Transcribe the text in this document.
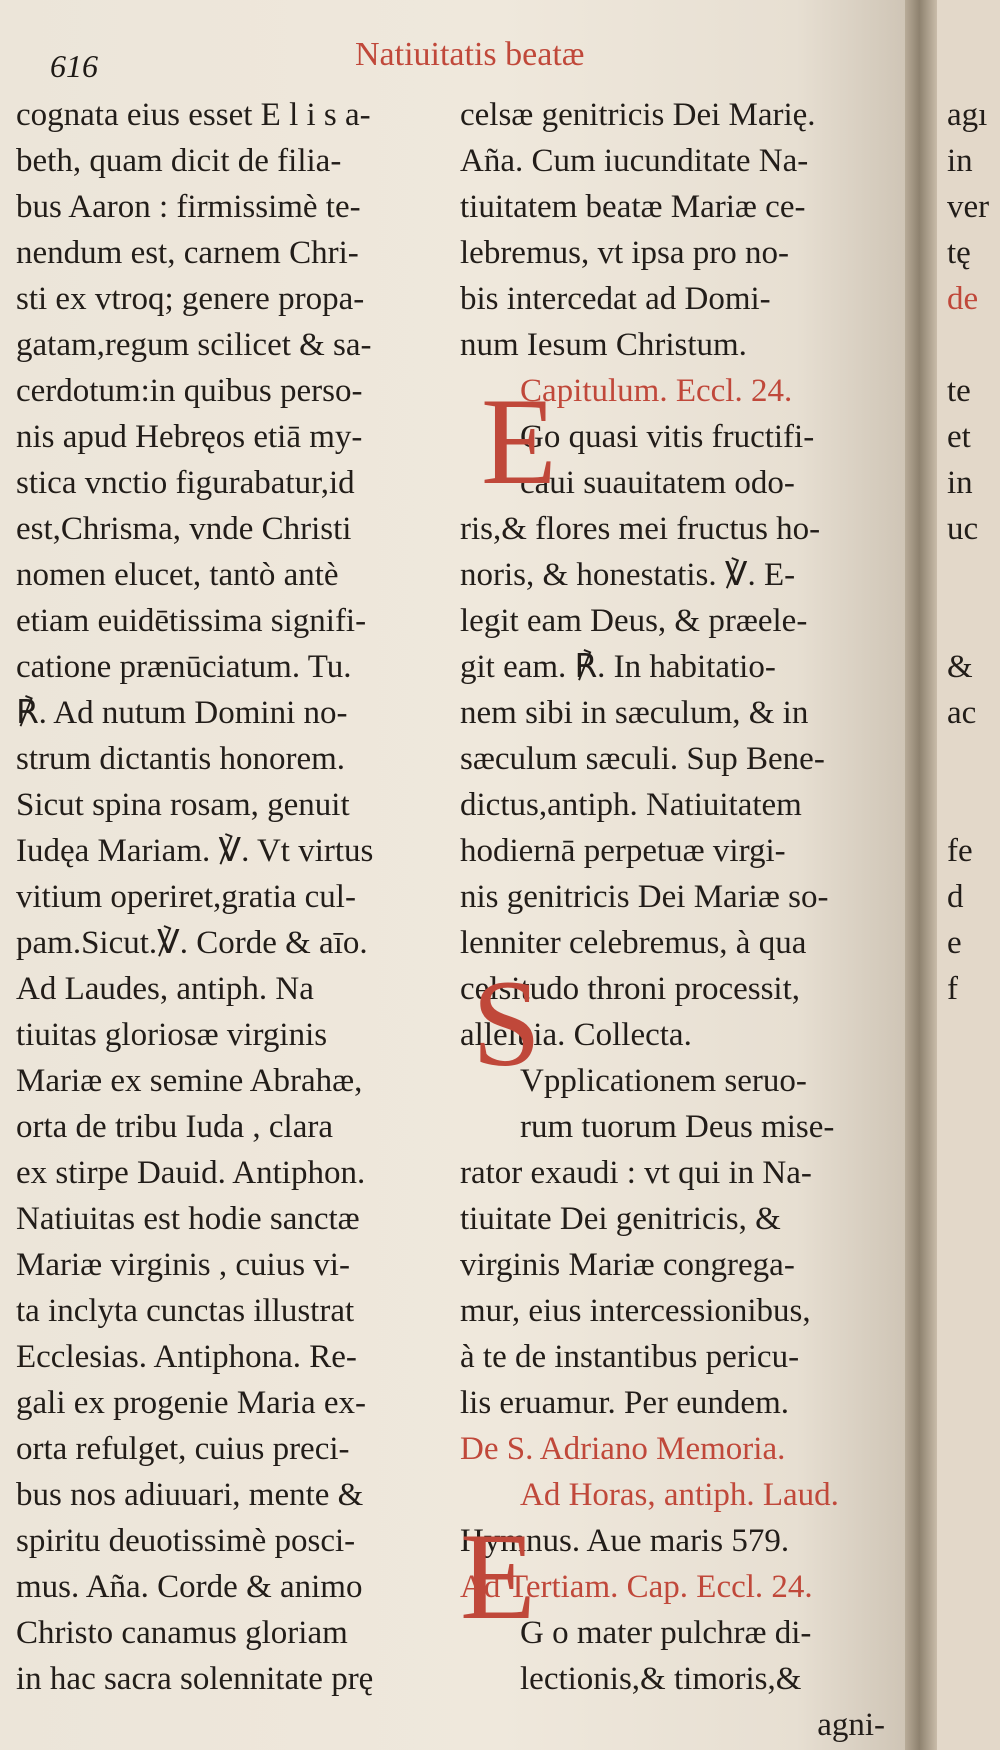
616	Natiuitatis beatæ
cognata eius esset E l i s a-
beth, quam dicit de filia-
bus Aaron : firmissimè te-
nendum est, carnem Chri-
sti ex vtroq; genere propa-
gatam,regum scilicet & sa-
cerdotum:in quibus perso-
nis apud Hebręos etiā my-
stica vnctio figurabatur,id
est,Chrisma, vnde Christi
nomen elucet, tantò antè
etiam euidētissima signifi-
catione prænūciatum. Tu.
℟. Ad nutum Domini no-
strum dictantis honorem.
Sicut spina rosam, genuit
Iudęa Mariam. ℣. Vt virtus
vitium operiret,gratia cul-
pam.Sicut.℣. Corde & aīo.
Ad Laudes, antiph. Na
tiuitas gloriosæ virginis
Mariæ ex semine Abrahæ,
orta de tribu Iuda , clara
ex stirpe Dauid. Antiphon.
Natiuitas est hodie sanctæ
Mariæ virginis , cuius vi-
ta inclyta cunctas illustrat
Ecclesias. Antiphona. Re-
gali ex progenie Maria ex-
orta refulget, cuius preci-
bus nos adiuuari, mente &
spiritu deuotissimè posci-
mus. Aña. Corde & animo
Christo canamus gloriam
in hac sacra solennitate prę
celsæ genitricis Dei Marię.
Aña. Cum iucunditate Na-
tiuitatem beatæ Mariæ ce-
lebremus, vt ipsa pro no-
bis intercedat ad Domi-
num Iesum Christum.
Capitulum. Eccl. 24.
Go quasi vitis fructifi-
caui suauitatem odo-
ris,& flores mei fructus ho-
noris, & honestatis. ℣. E-
legit eam Deus, & præele-
git eam. ℟. In habitatio-
nem sibi in sæculum, & in
sæculum sæculi. Sup Bene-
dictus,antiph. Natiuitatem
hodiernā perpetuæ virgi-
nis genitricis Dei Mariæ so-
lenniter celebremus, à qua
celsitudo throni processit,
alleluia. Collecta.
Vpplicationem seruo-
rum tuorum Deus mise-
rator exaudi : vt qui in Na-
tiuitate Dei genitricis, &
virginis Mariæ congrega-
mur, eius intercessionibus,
à te de instantibus pericu-
lis eruamur. Per eundem.
De S. Adriano Memoria.
Ad Horas, antiph. Laud.
Hymnus. Aue maris 579.
Ad Tertiam. Cap. Eccl. 24.
G o mater pulchræ di-
lectionis,& timoris,&
agni-
E
S
E
agı
in
ver
tę
de
te
et
in
uc
&
ac
fe
d
e
f
